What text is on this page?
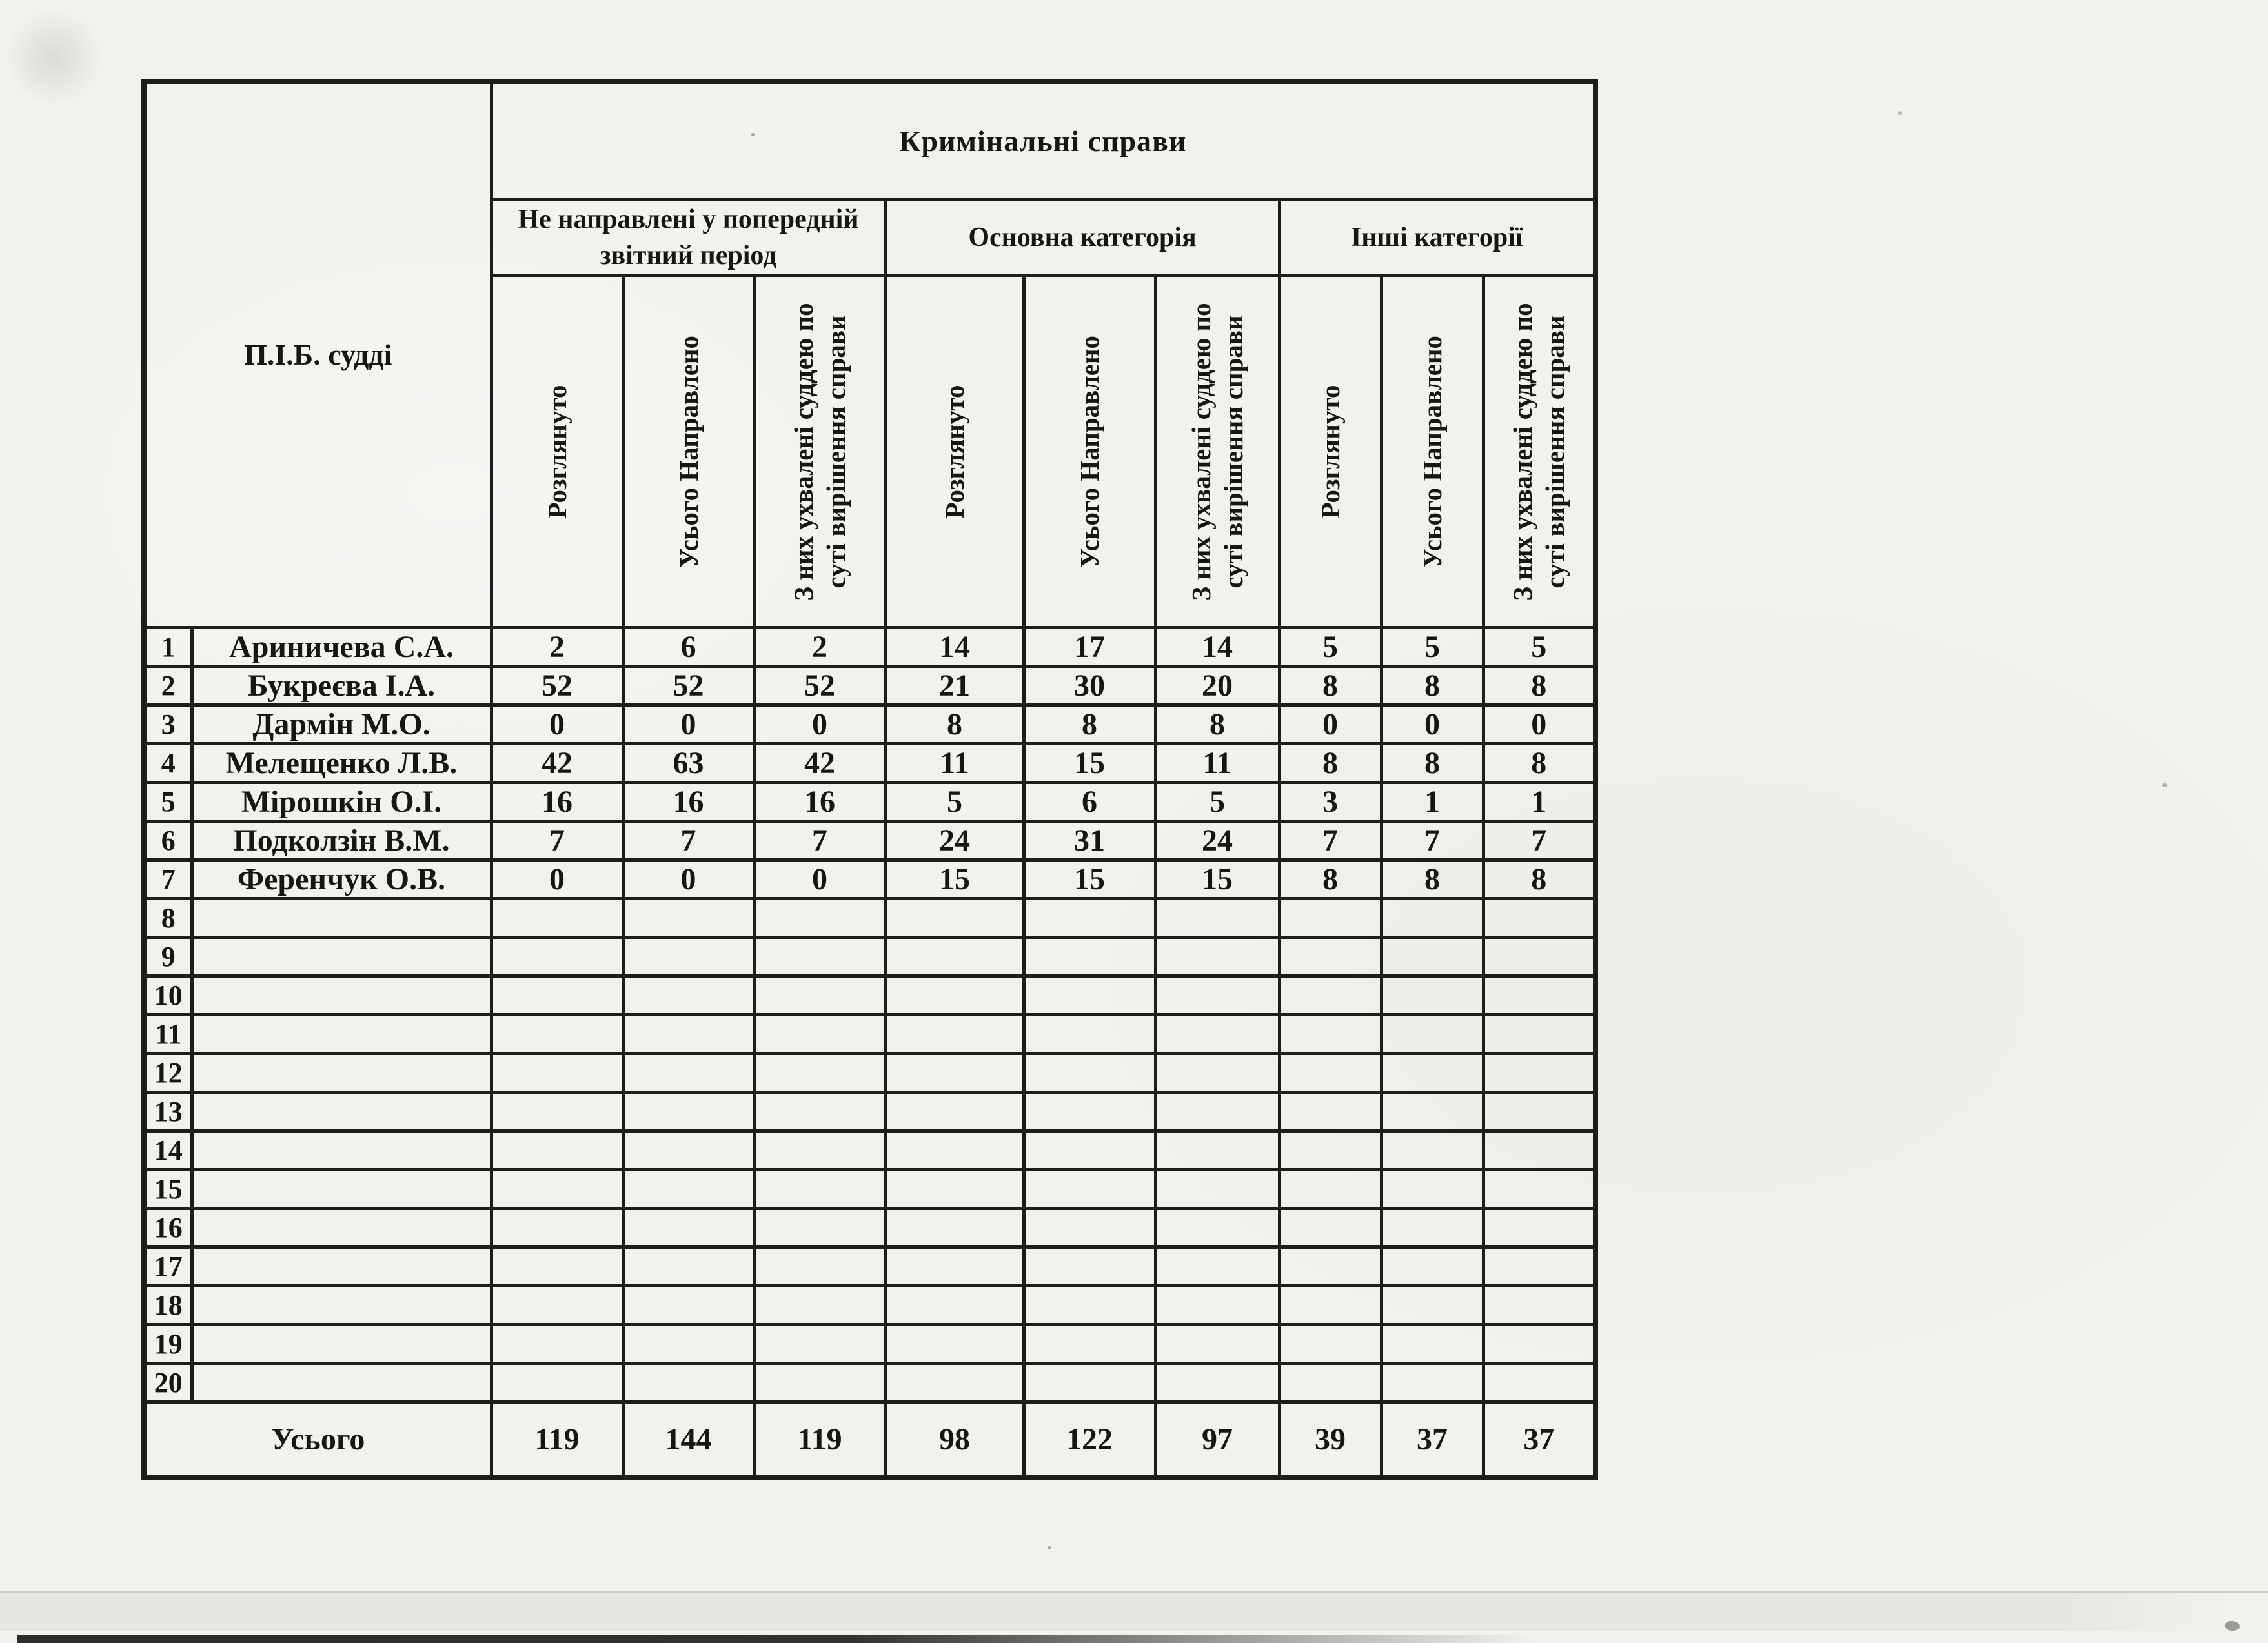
П.І.Б. судді		Кримінальні справи								
		Не направлені у попередній звітний період			Основна категорія			Інші категорії		

		Розглянуто	Усього Направлено	З них ухвалені суддею по суті вирішення справи	Розглянуто	Усього Направлено	З них ухвалені суддею по суті вирішення справи	Розглянуто	Усього Направлено	З них ухвалені суддею по суті вирішення справи

1	Ариничева С.А.	2	6	2	14	17	14	5	5	5
2	Букреєва І.А.	52	52	52	21	30	20	8	8	8
3	Дармін М.О.	0	0	0	8	8	8	0	0	0
4	Мелещенко Л.В.	42	63	42	11	15	11	8	8	8
5	Мірошкін О.І.	16	16	16	5	6	5	3	1	1
6	Подколзін В.М.	7	7	7	24	31	24	7	7	7
7	Ференчук О.В.	0	0	0	15	15	15	8	8	8
8										
9										
10										
11										
12										
13										
14										
15										
16										
17										
18										
19										
20										
Усього		119	144	119	98	122	97	39	37	37
